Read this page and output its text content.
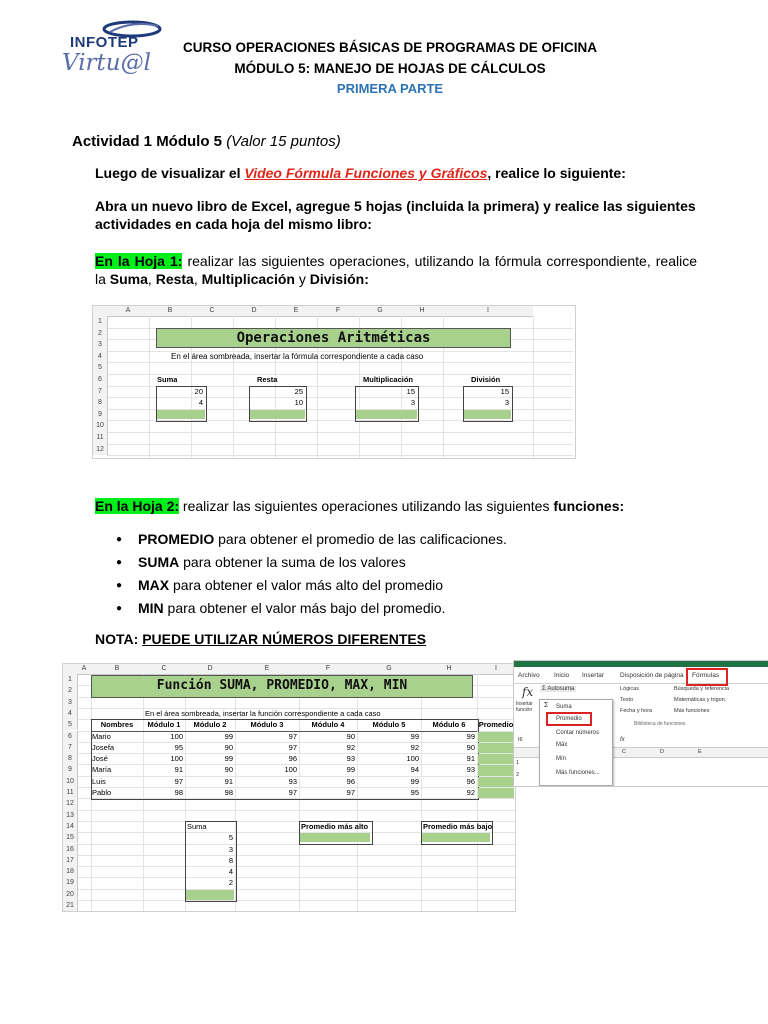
INFOTEP
Virtu@l
CURSO OPERACIONES BÁSICAS DE PROGRAMAS DE OFICINA
MÓDULO 5: MANEJO DE HOJAS DE CÁLCULOS
PRIMERA PARTE
Actividad 1 Módulo 5 (Valor 15 puntos)
Luego de visualizar el Video Fórmula Funciones y Gráficos, realice lo siguiente:
Abra un nuevo libro de Excel, agregue 5 hojas (incluida la primera) y realice las siguientes actividades en cada hoja del mismo libro:
En la Hoja 1: realizar las siguientes operaciones, utilizando la fórmula correspondiente, realice la Suma, Resta, Multiplicación y División:
A	B	C	D	E	F	G	H	I
1
2
3
4
5
6
7
8
9
10
11
12
Operaciones Aritméticas
En el área sombreada, insertar la fórmula correspondiente a cada caso
Suma
20
4
Resta
25
10
Multiplicación
15
3
División
15
3
En la Hoja 2: realizar las siguientes operaciones utilizando las siguientes funciones:
● PROMEDIO para obtener el promedio de las calificaciones.
● SUMA para obtener la suma de los valores
● MAX para obtener el valor más alto del promedio
● MIN para obtener el valor más bajo del promedio.
NOTA: PUEDE UTILIZAR NÚMEROS DIFERENTES
A	B	C	D	E	F	G	H	I
1
2
3
4
5
6
7
8
9
10
11
12
13
14
15
16
17
18
19
20
21
Función SUMA, PROMEDIO, MAX, MIN
En el área sombreada, insertar la función correspondiente a cada caso
Nombres	Módulo 1	Módulo 2	Módulo 3	Módulo 4	Módulo 5	Módulo 6	Promedio
Mario	100	99	97	90	99	99
Josefa	95	90	97	92	92	90
José	100	99	96	93	100	91
María	91	90	100	99	94	93
Luis	97	91	93	96	99	96
Pablo	98	98	97	97	95	92
Suma
5
3
8
4
2
Promedio más alto	Promedio más bajo
Archivo Inicio Insertar Disposición de página Fórmulas
fx
Insertar función
Σ Autosuma	Lógicas	Búsqueda y referencia
Texto	Matemáticas y trigon.
Fecha y hora	Más funciones
Biblioteca de funciones
I6	fx
C	D	E
1
2
Σ Suma
Promedio
Contar números
Máx
Mín
Más funciones...
